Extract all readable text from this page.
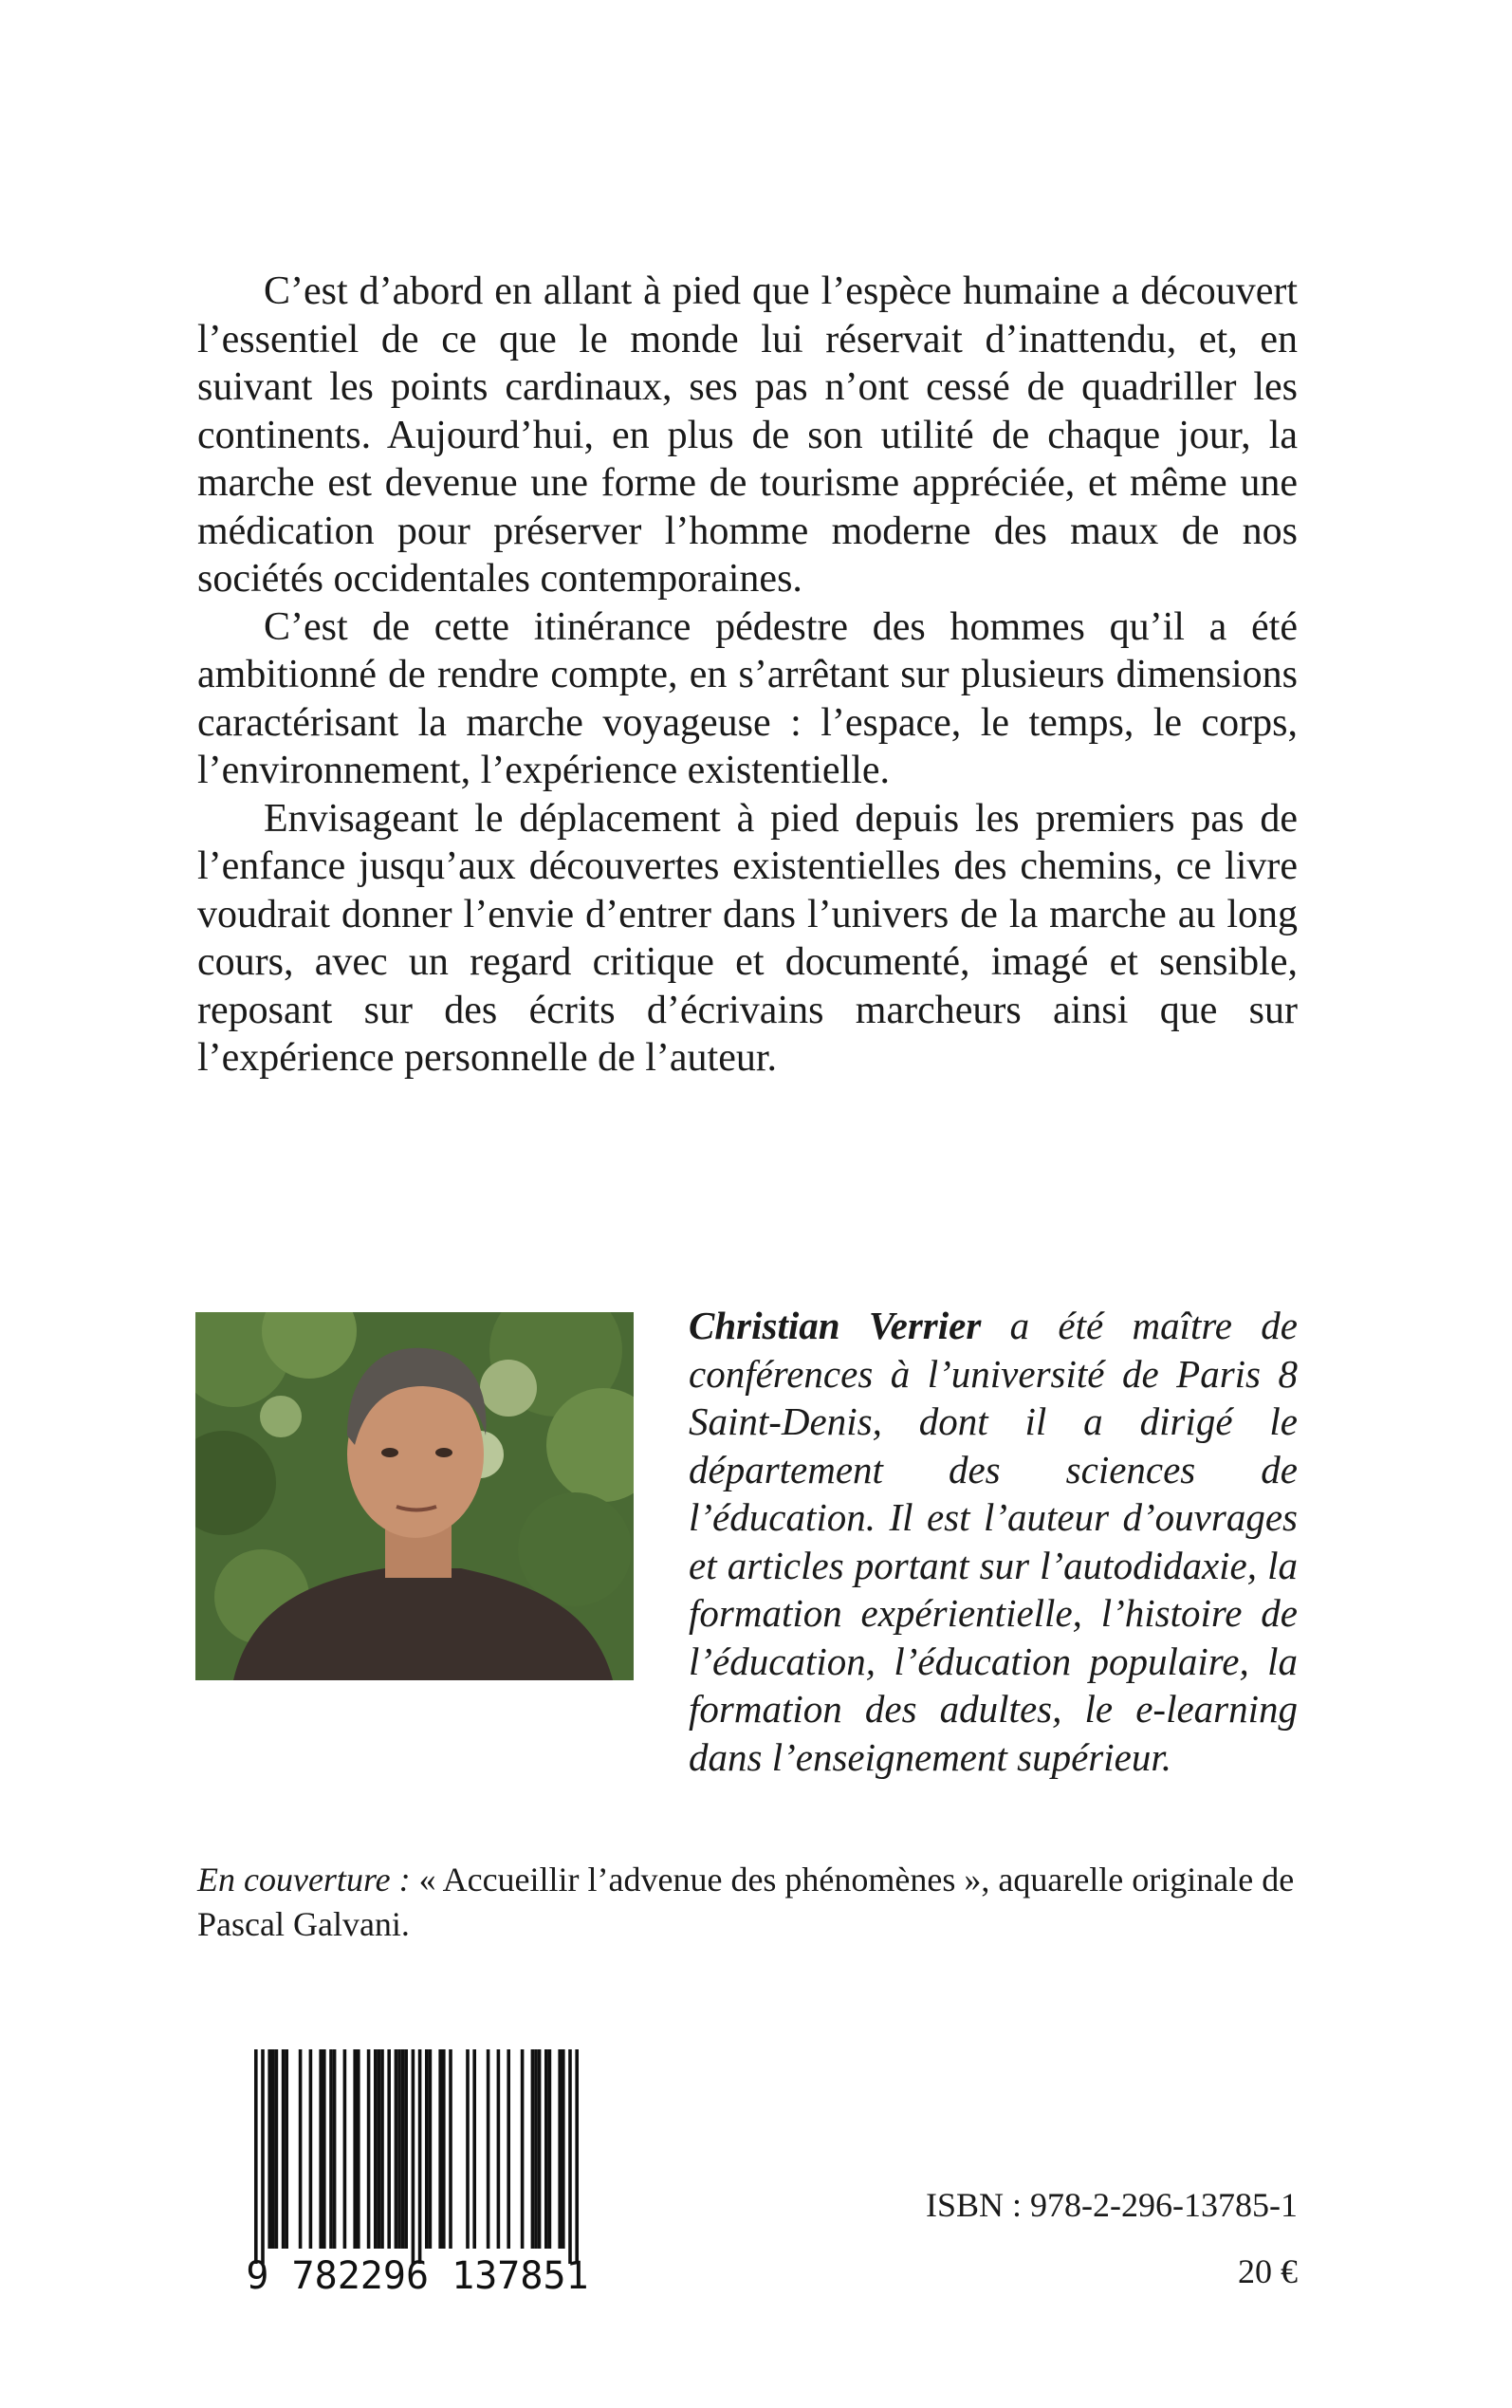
C’est d’abord en allant à pied que l’espèce humaine a découvert l’essentiel de ce que le monde lui réservait d’inattendu, et, en suivant les points cardinaux, ses pas n’ont cessé de quadriller les continents. Aujourd’hui, en plus de son utilité de chaque jour, la marche est devenue une forme de tourisme appréciée, et même une médication pour préserver l’homme moderne des maux de nos sociétés occidentales contemporaines.

C’est de cette itinérance pédestre des hommes qu’il a été ambitionné de rendre compte, en s’arrêtant sur plusieurs dimensions caractérisant la marche voyageuse : l’espace, le temps, le corps, l’environnement, l’expérience existentielle.

Envisageant le déplacement à pied depuis les premiers pas de l’enfance jusqu’aux découvertes existentielles des chemins, ce livre voudrait donner l’envie d’entrer dans l’univers de la marche au long cours, avec un regard critique et documenté, imagé et sensible, reposant sur des écrits d’écrivains marcheurs ainsi que sur l’expérience personnelle de l’auteur.

Christian Verrier a été maître de conférences à l’université de Paris 8 Saint-Denis, dont il a dirigé le département des sciences de l’éducation. Il est l’auteur d’ouvrages et articles portant sur l’autodidaxie, la formation expérientielle, l’histoire de l’éducation, l’éducation populaire, la formation des adultes, le e-learning dans l’enseignement supérieur.

En couverture : « Accueillir l’advenue des phénomènes », aquarelle originale de Pascal Galvani.

9 782296 137851
ISBN : 978-2-296-13785-1
20 €
